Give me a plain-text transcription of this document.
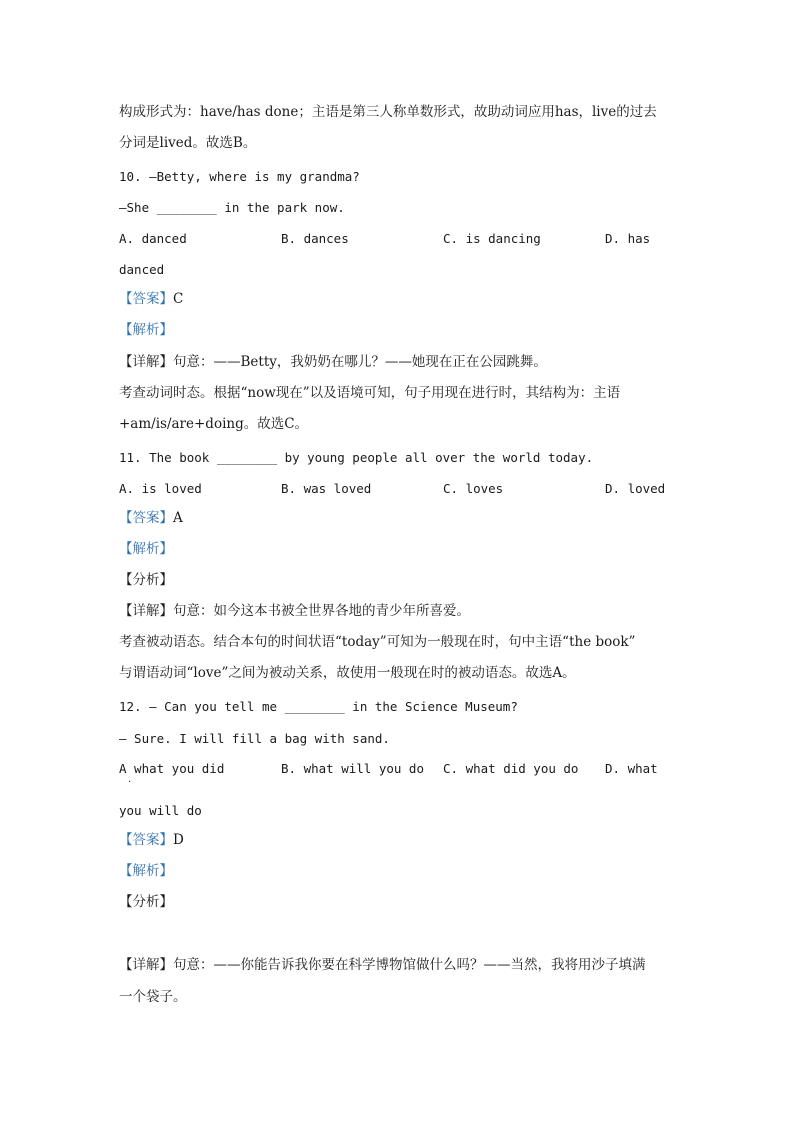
构成形式为：have/has done；主语是第三人称单数形式，故助动词应用has，live的过去
分词是lived。故选B。
10. —Betty, where is my grandma?
—She ________ in the park now.
A. danced	B. dances	C. is dancing	D. has
danced
【答案】C
【解析】
【详解】句意：——Betty，我奶奶在哪儿？——她现在正在公园跳舞。
考查动词时态。根据“now现在”以及语境可知，句子用现在进行时，其结构为：主语
+am/is/are+doing。故选C。
11. The book ________ by young people all over the world today.
A. is loved	B. was loved	C. loves	D. loved
【答案】A
【解析】
【分析】
【详解】句意：如今这本书被全世界各地的青少年所喜爱。
考查被动语态。结合本句的时间状语“today”可知为一般现在时，句中主语“the book”
与谓语动词“love”之间为被动关系，故使用一般现在时的被动语态。故选A。
12. — Can you tell me ________ in the Science Museum?
— Sure. I will fill a bag with sand.
A what you did
·
B. what will you do C. what did you do D. what
you will do
【答案】D
【解析】
【分析】
【详解】句意：——你能告诉我你要在科学博物馆做什么吗？——当然，我将用沙子填满
一个袋子。
